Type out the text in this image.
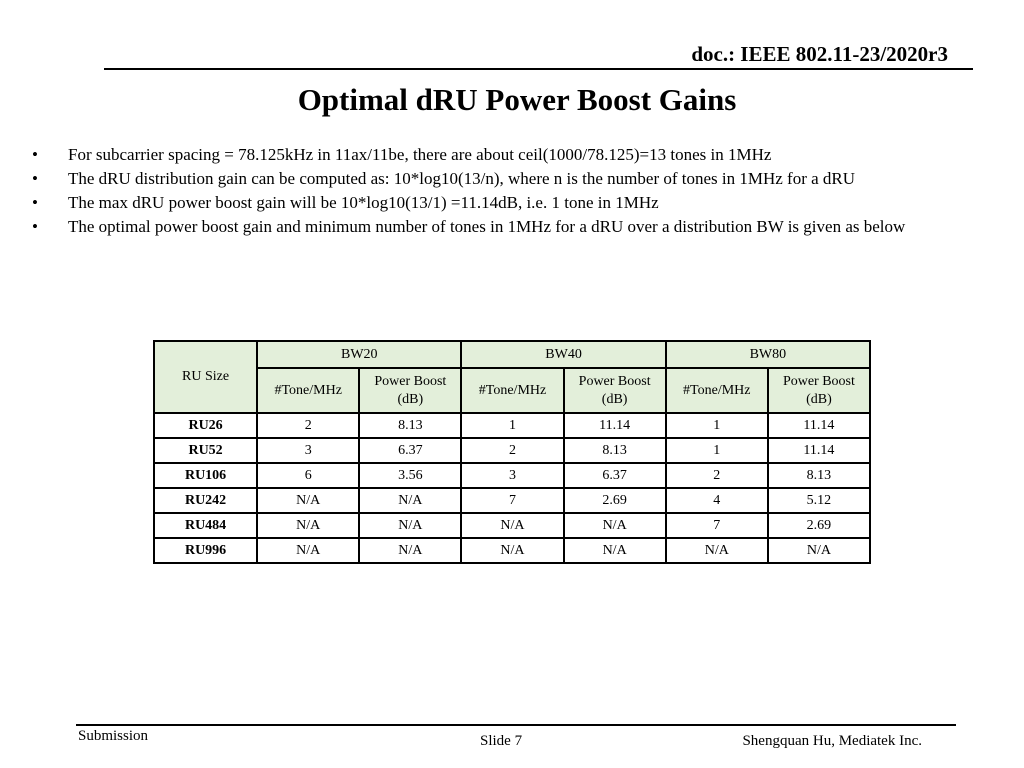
doc.: IEEE 802.11-23/2020r3
Optimal dRU Power Boost Gains
• For subcarrier spacing = 78.125kHz in 11ax/11be, there are about ceil(1000/78.125)=13 tones in 1MHz
• The dRU distribution gain can be computed as: 10*log10(13/n), where n is the number of tones in 1MHz for a dRU
• The max dRU power boost gain will be 10*log10(13/1) =11.14dB, i.e. 1 tone in 1MHz
• The optimal power boost gain and minimum number of tones in 1MHz for a dRU over a distribution BW is given as below
RU Size	BW20		BW40		BW80	
	#Tone/MHz	Power Boost (dB)	#Tone/MHz	Power Boost (dB)	#Tone/MHz	Power Boost (dB)
RU26	2	8.13	1	11.14	1	11.14
RU52	3	6.37	2	8.13	1	11.14
RU106	6	3.56	3	6.37	2	8.13
RU242	N/A	N/A	7	2.69	4	5.12
RU484	N/A	N/A	N/A	N/A	7	2.69
RU996	N/A	N/A	N/A	N/A	N/A	N/A
Submission	Slide 7	Shengquan Hu, Mediatek Inc.
